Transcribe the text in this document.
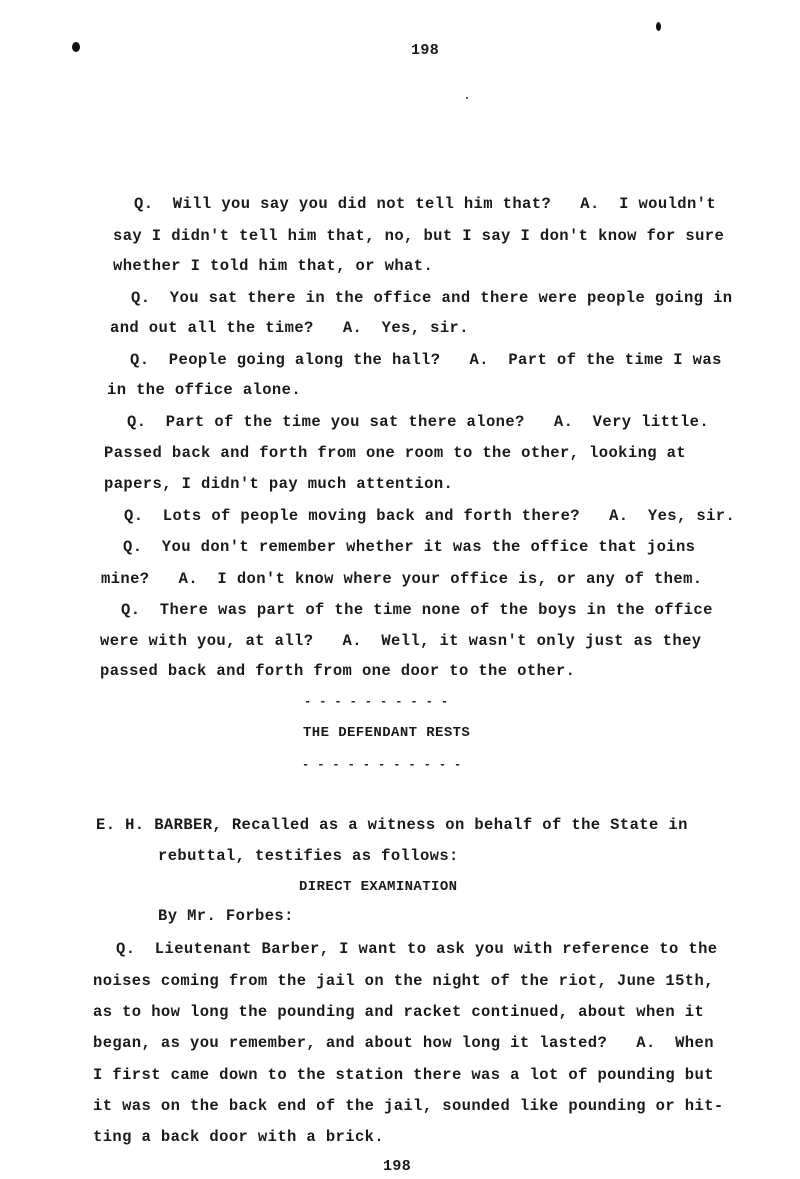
198
Q.  Will you say you did not tell him that?   A.  I wouldn't
say I didn't tell him that, no, but I say I don't know for sure
whether I told him that, or what.
Q.  You sat there in the office and there were people going in
and out all the time?   A.  Yes, sir.
Q.  People going along the hall?   A.  Part of the time I was
in the office alone.
Q.  Part of the time you sat there alone?   A.  Very little.
Passed back and forth from one room to the other, looking at
papers, I didn't pay much attention.
Q.  Lots of people moving back and forth there?   A.  Yes, sir.
Q.  You don't remember whether it was the office that joins
mine?   A.  I don't know where your office is, or any of them.
Q.  There was part of the time none of the boys in the office
were with you, at all?   A.  Well, it wasn't only just as they
passed back and forth from one door to the other.
- - - - - - - - - -
THE DEFENDANT RESTS
- - - - - - - - - - -
E. H. BARBER, Recalled as a witness on behalf of the State in
rebuttal, testifies as follows:
DIRECT EXAMINATION
By Mr. Forbes:
Q.  Lieutenant Barber, I want to ask you with reference to the
noises coming from the jail on the night of the riot, June 15th,
as to how long the pounding and racket continued, about when it
began, as you remember, and about how long it lasted?   A.  When
I first came down to the station there was a lot of pounding but
it was on the back end of the jail, sounded like pounding or hit-
ting a back door with a brick.
198
